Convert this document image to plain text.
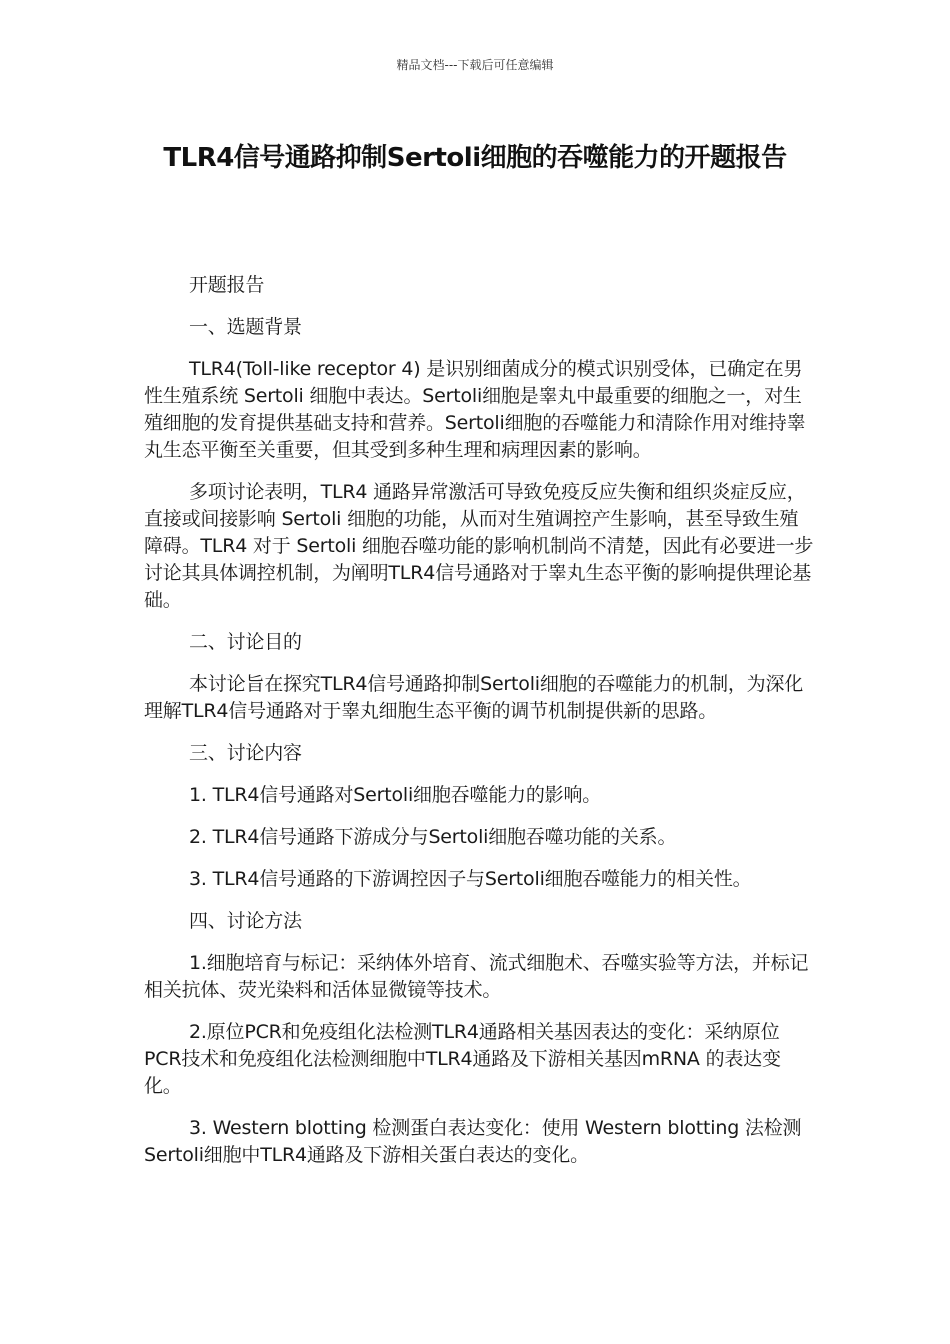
精品文档---下载后可任意编辑
TLR4信号通路抑制Sertoli细胞的吞噬能力的开题报告

开题报告

一、选题背景

TLR4(Toll-like receptor 4) 是识别细菌成分的模式识别受体，已确定在男性生殖系统 Sertoli 细胞中表达。Sertoli细胞是睾丸中最重要的细胞之一，对生殖细胞的发育提供基础支持和营养。Sertoli细胞的吞噬能力和清除作用对维持睾丸生态平衡至关重要，但其受到多种生理和病理因素的影响。

多项讨论表明，TLR4 通路异常激活可导致免疫反应失衡和组织炎症反应，直接或间接影响 Sertoli 细胞的功能，从而对生殖调控产生影响，甚至导致生殖障碍。TLR4 对于 Sertoli 细胞吞噬功能的影响机制尚不清楚，因此有必要进一步讨论其具体调控机制，为阐明TLR4信号通路对于睾丸生态平衡的影响提供理论基础。

二、讨论目的

本讨论旨在探究TLR4信号通路抑制Sertoli细胞的吞噬能力的机制，为深化理解TLR4信号通路对于睾丸细胞生态平衡的调节机制提供新的思路。

三、讨论内容

1. TLR4信号通路对Sertoli细胞吞噬能力的影响。

2. TLR4信号通路下游成分与Sertoli细胞吞噬功能的关系。

3. TLR4信号通路的下游调控因子与Sertoli细胞吞噬能力的相关性。

四、讨论方法

1.细胞培育与标记：采纳体外培育、流式细胞术、吞噬实验等方法，并标记相关抗体、荧光染料和活体显微镜等技术。

2.原位PCR和免疫组化法检测TLR4通路相关基因表达的变化：采纳原位PCR技术和免疫组化法检测细胞中TLR4通路及下游相关基因mRNA 的表达变化。

3. Western blotting 检测蛋白表达变化：使用 Western blotting 法检测Sertoli细胞中TLR4通路及下游相关蛋白表达的变化。
